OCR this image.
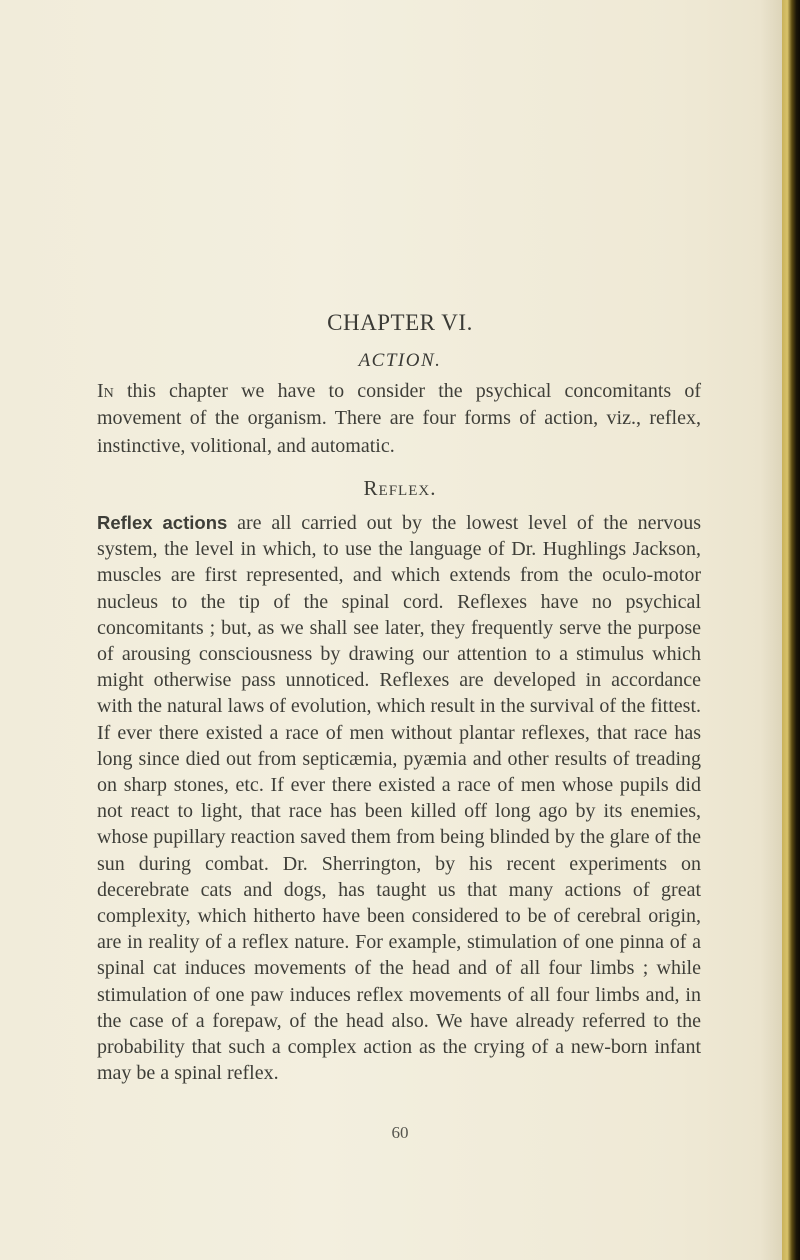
CHAPTER VI.
ACTION.

In this chapter we have to consider the psychical concomitants of movement of the organism. There are four forms of action, viz., reflex, instinctive, volitional, and automatic.

Reflex.

Reflex actions are all carried out by the lowest level of the nervous system, the level in which, to use the language of Dr. Hughlings Jackson, muscles are first represented, and which extends from the oculo-motor nucleus to the tip of the spinal cord. Reflexes have no psychical concomitants ; but, as we shall see later, they frequently serve the purpose of arousing consciousness by drawing our attention to a stimulus which might otherwise pass unnoticed. Reflexes are developed in accordance with the natural laws of evolution, which result in the survival of the fittest. If ever there existed a race of men without plantar reflexes, that race has long since died out from septicæmia, pyæmia and other results of treading on sharp stones, etc. If ever there existed a race of men whose pupils did not react to light, that race has been killed off long ago by its enemies, whose pupillary reaction saved them from being blinded by the glare of the sun during combat. Dr. Sherrington, by his recent experiments on decerebrate cats and dogs, has taught us that many actions of great complexity, which hitherto have been considered to be of cerebral origin, are in reality of a reflex nature. For example, stimulation of one pinna of a spinal cat induces movements of the head and of all four limbs ; while stimulation of one paw induces reflex movements of all four limbs and, in the case of a forepaw, of the head also. We have already referred to the probability that such a complex action as the crying of a new-born infant may be a spinal reflex.

60
